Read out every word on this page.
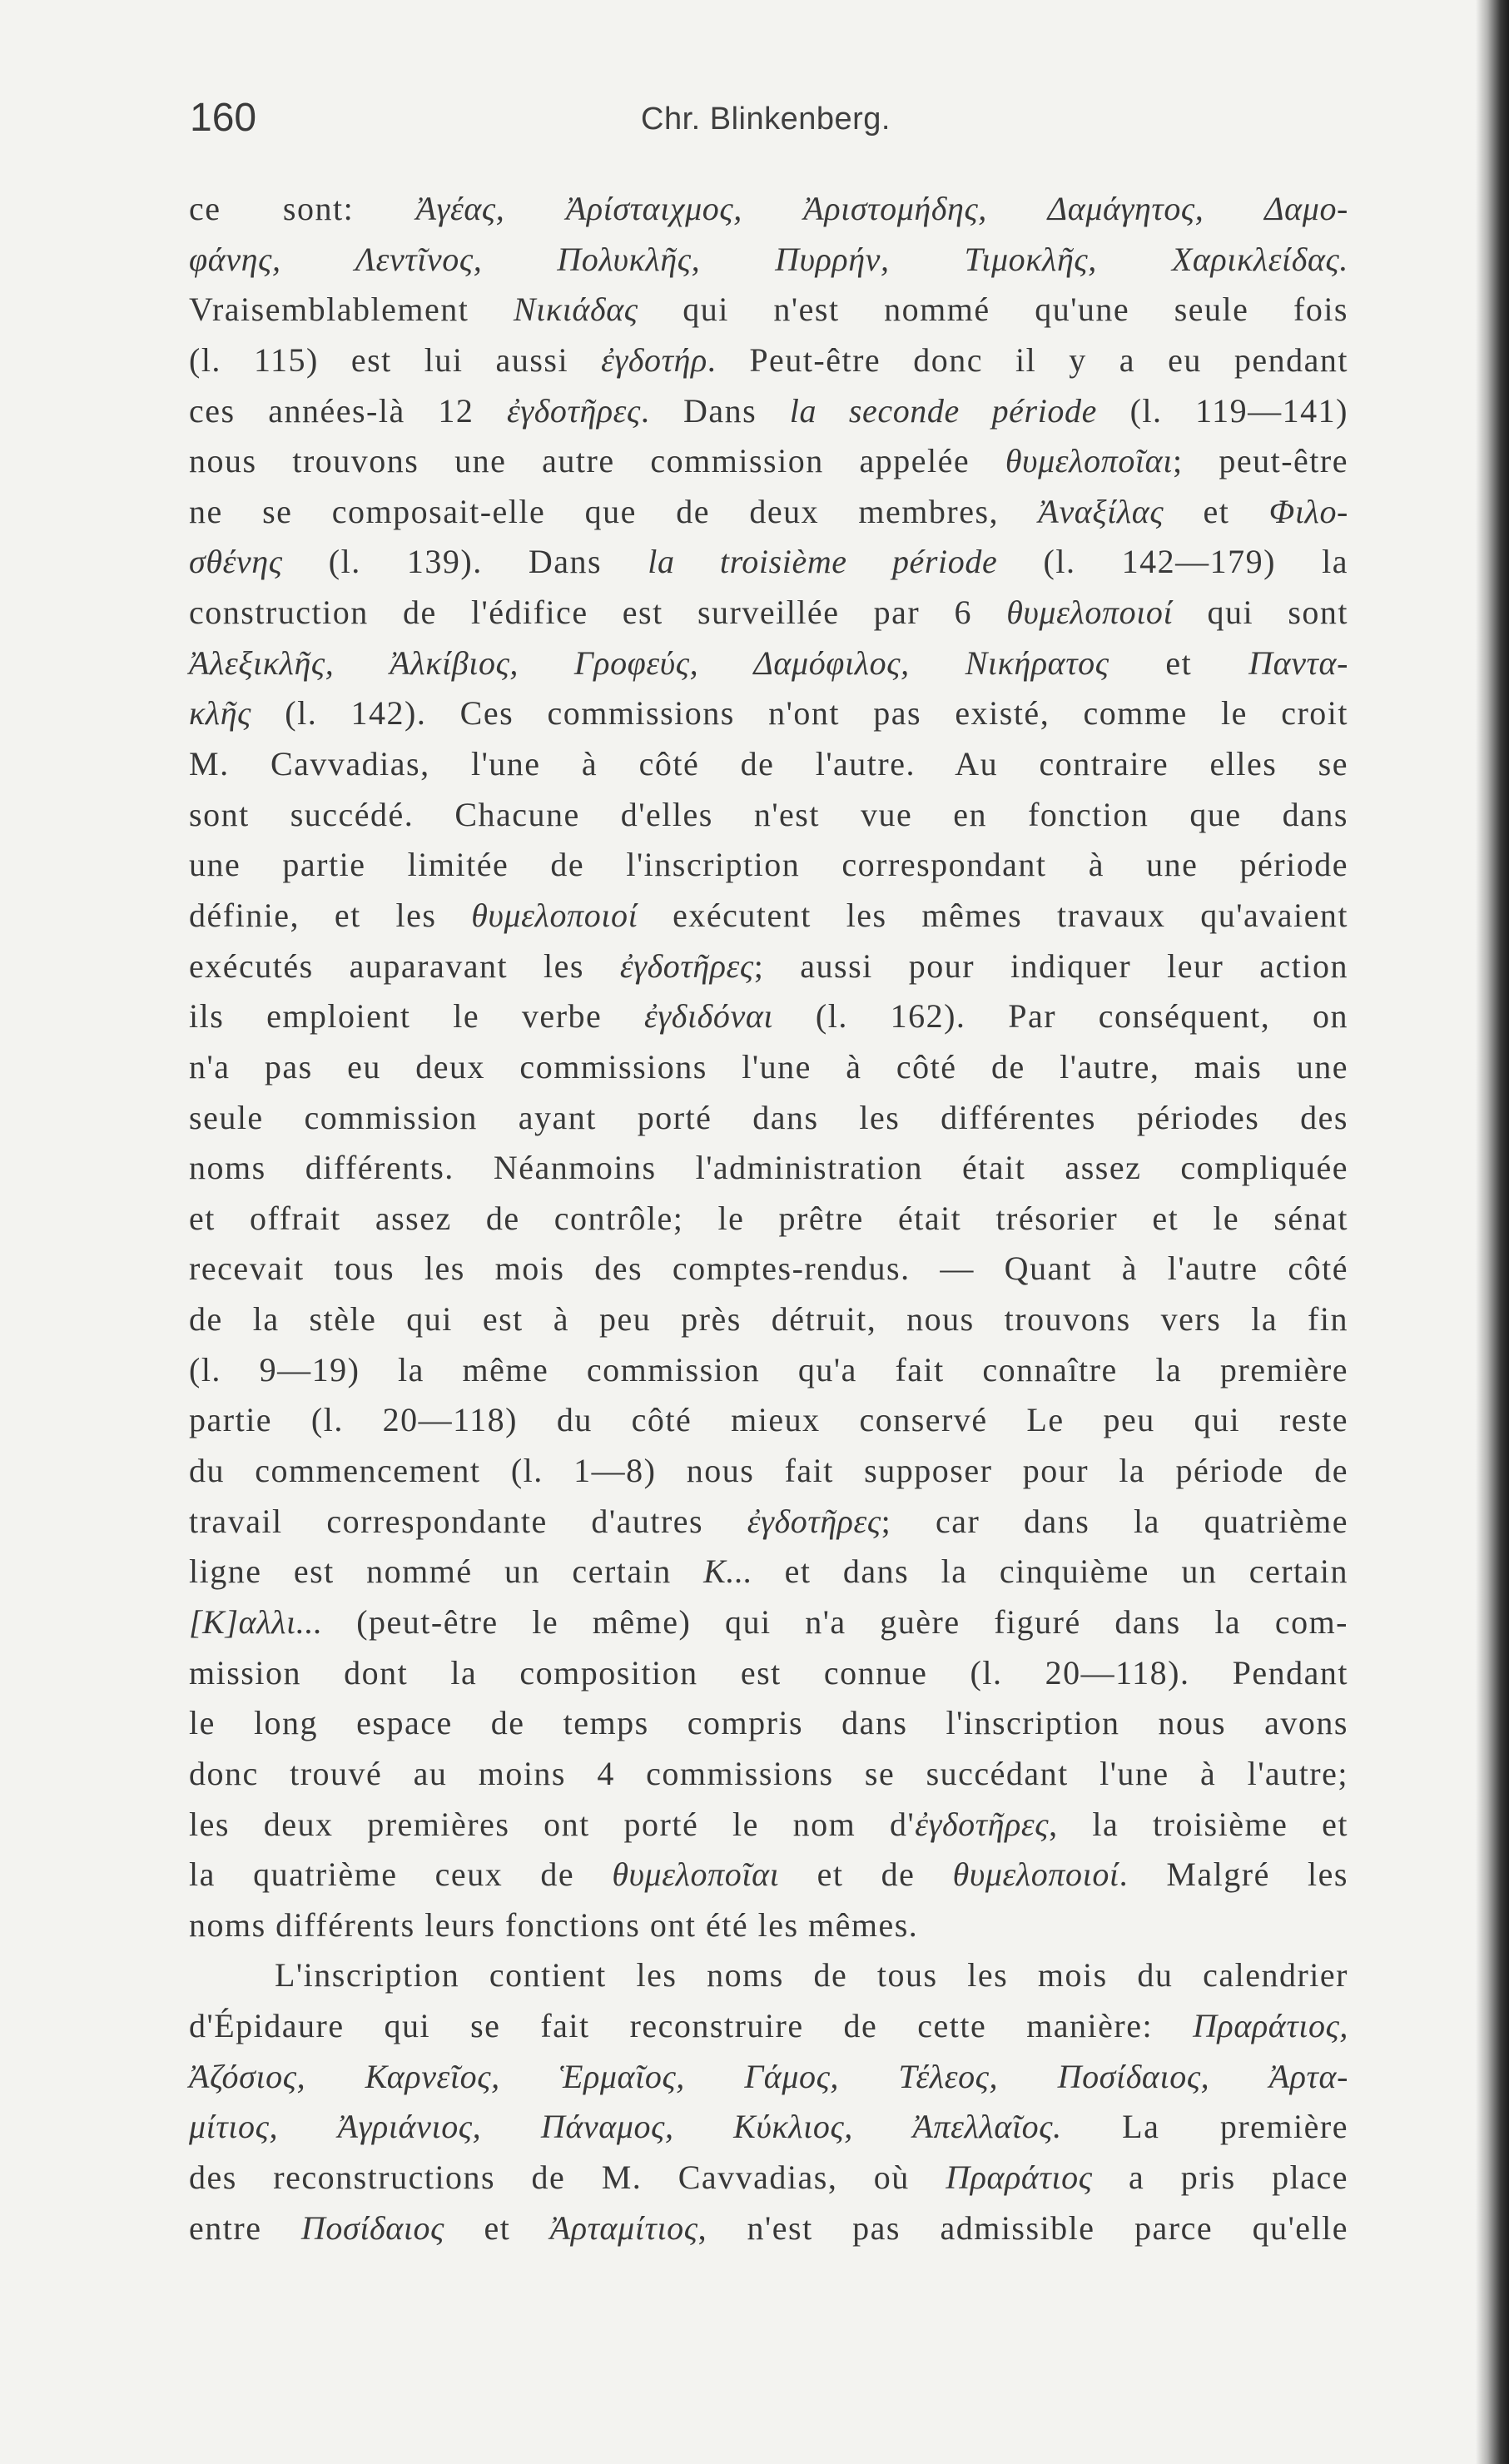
160	Chr. Blinkenberg.
ce sont: Ἀγέας, Ἀρίσταιχμος, Ἀριστομήδης, Δαμάγητος, Δαμο-
φάνης, Λεντῖνος, Πολυκλῆς, Πυρρήν, Τιμοκλῆς, Χαρικλείδας.
Vraisemblablement Νικιάδας qui n'est nommé qu'une seule fois
(l. 115) est lui aussi ἐγδοτήρ. Peut-être donc il y a eu pendant
ces années-là 12 ἐγδοτῆρες. Dans la seconde période (l. 119—141)
nous trouvons une autre commission appelée θυμελοποῖαι; peut-être
ne se composait-elle que de deux membres, Ἀναξίλας et Φιλο-
σθένης (l. 139). Dans la troisième période (l. 142—179) la
construction de l'édifice est surveillée par 6 θυμελοποιοί qui sont
Ἀλεξικλῆς, Ἀλκίβιος, Γροφεύς, Δαμόφιλος, Νικήρατος et Παντα-
κλῆς (l. 142). Ces commissions n'ont pas existé, comme le croit
M. Cavvadias, l'une à côté de l'autre. Au contraire elles se
sont succédé. Chacune d'elles n'est vue en fonction que dans
une partie limitée de l'inscription correspondant à une période
définie, et les θυμελοποιοί exécutent les mêmes travaux qu'avaient
exécutés auparavant les ἐγδοτῆρες; aussi pour indiquer leur action
ils emploient le verbe ἐγδιδόναι (l. 162). Par conséquent, on
n'a pas eu deux commissions l'une à côté de l'autre, mais une
seule commission ayant porté dans les différentes périodes des
noms différents. Néanmoins l'administration était assez compliquée
et offrait assez de contrôle; le prêtre était trésorier et le sénat
recevait tous les mois des comptes-rendus. — Quant à l'autre côté
de la stèle qui est à peu près détruit, nous trouvons vers la fin
(l. 9—19) la même commission qu'a fait connaître la première
partie (l. 20—118) du côté mieux conservé Le peu qui reste
du commencement (l. 1—8) nous fait supposer pour la période de
travail correspondante d'autres ἐγδοτῆρες; car dans la quatrième
ligne est nommé un certain Κ... et dans la cinquième un certain
[Κ]αλλι... (peut-être le même) qui n'a guère figuré dans la com-
mission dont la composition est connue (l. 20—118). Pendant
le long espace de temps compris dans l'inscription nous avons
donc trouvé au moins 4 commissions se succédant l'une à l'autre;
les deux premières ont porté le nom d'ἐγδοτῆρες, la troisième et
la quatrième ceux de θυμελοποῖαι et de θυμελοποιοί. Malgré les
noms différents leurs fonctions ont été les mêmes.
L'inscription contient les noms de tous les mois du calendrier
d'Épidaure qui se fait reconstruire de cette manière: Πραράτιος,
Ἀζόσιος, Καρνεῖος, Ἑρμαῖος, Γάμος, Τέλεος, Ποσίδαιος, Ἀρτα-
μίτιος, Ἀγριάνιος, Πάναμος, Κύκλιος, Ἀπελλαῖος. La première
des reconstructions de M. Cavvadias, où Πραράτιος a pris place
entre Ποσίδαιος et Ἀρταμίτιος, n'est pas admissible parce qu'elle
